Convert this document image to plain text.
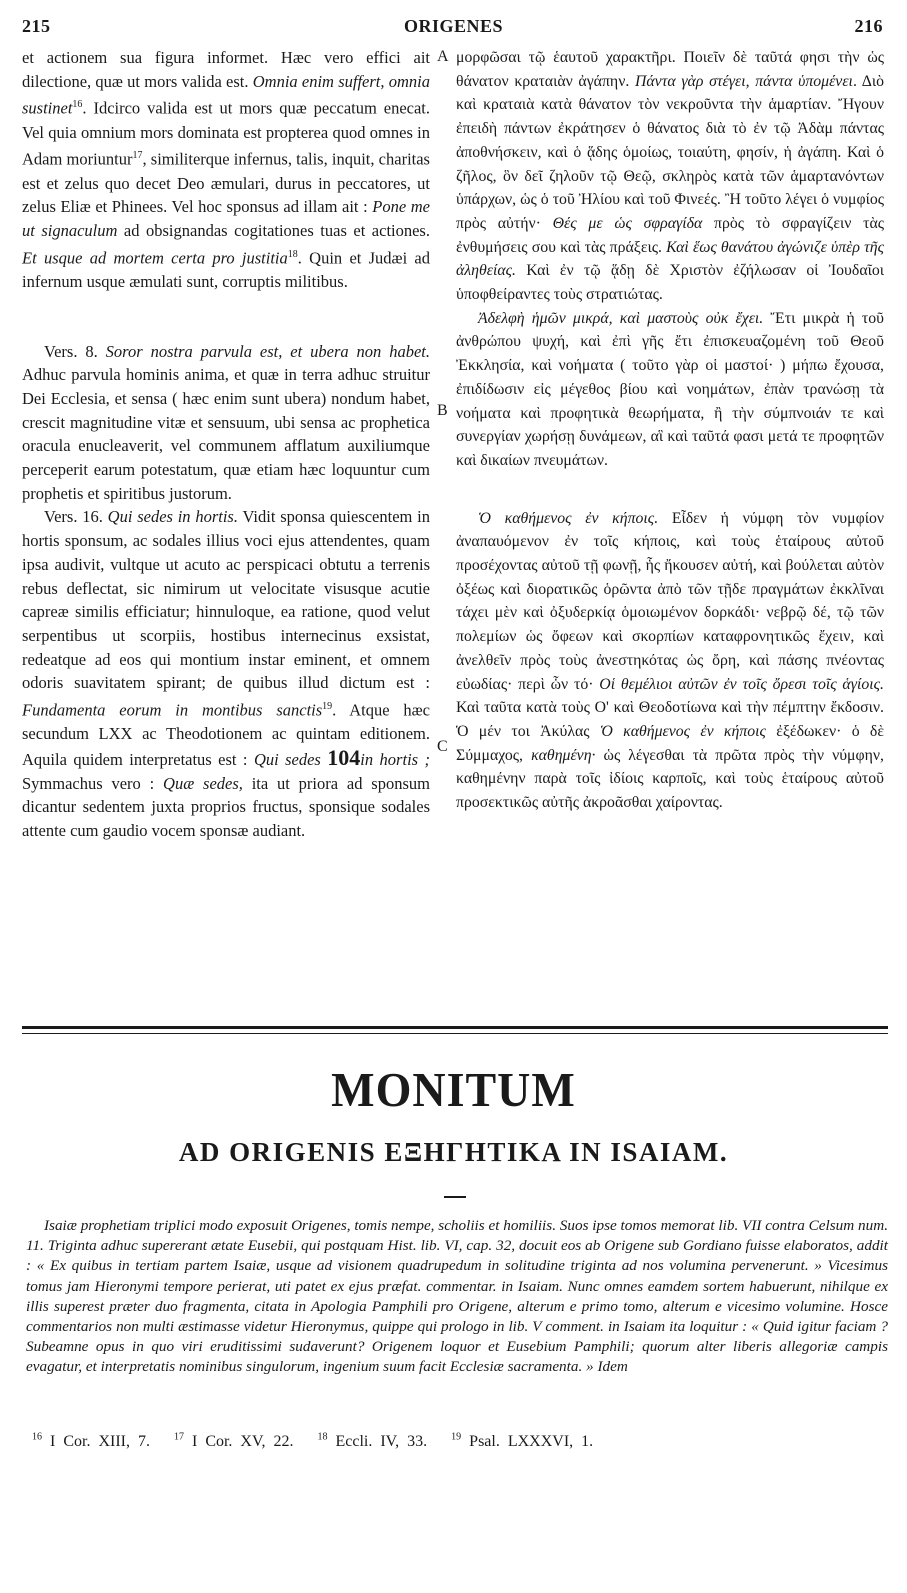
215	ORIGENES	216
A
B
C

et actionem sua figura informet. Hæc vero effici ait dilectione, quæ ut mors valida est. Omnia enim suffert, omnia sustinet$^{16}$. Idcirco valida est ut mors quæ peccatum enecat. Vel quia omnium mors dominata est propterea quod omnes in Adam moriuntur$^{17}$, similiterque infernus, talis, inquit, charitas est et zelus quo decet Deo æmulari, durus in peccatores, ut zelus Eliæ et Phinees. Vel hoc sponsus ad illam ait : Pone me ut signaculum ad obsignandas cogitationes tuas et actiones. Et usque ad mortem certa pro justitia$^{18}$. Quin et Judæi ad infernum usque æmulati sunt, corruptis militibus.

Vers. 8. Soror nostra parvula est, et ubera non habet. Adhuc parvula hominis anima, et quæ in terra adhuc struitur Dei Ecclesia, et sensa ( hæc enim sunt ubera) nondum habet, crescit magnitudine vitæ et sensuum, ubi sensa ac prophetica oracula enucleaverit, vel communem afflatum auxiliumque perceperit earum potestatum, quæ etiam hæc loquuntur cum prophetis et spiritibus justorum.

Vers. 16. Qui sedes in hortis. Vidit sponsa quiescentem in hortis sponsum, ac sodales illius voci ejus attendentes, quam ipsa audivit, vultque ut acuto ac perspicaci obtutu a terrenis rebus deflectat, sic nimirum ut velocitate visusque acutie capreæ similis efficiatur; hinnuloque, ea ratione, quod velut serpentibus ut scorpiis, hostibus internecinus exsistat, redeatque ad eos qui montium instar eminent, et omnem odoris suavitatem spirant; de quibus illud dictum est : Fundamenta eorum in montibus sanctis$^{19}$. Atque hæc secundum LXX ac Theodotionem ac quintam editionem. Aquila quidem interpretatus est : Qui sedes 104in hortis ; Symmachus vero : Quæ sedes, ita ut priora ad sponsum dicantur sedentem juxta proprios fructus, sponsique sodales attente cum gaudio vocem sponsæ audiant.

μορφῶσαι τῷ ἑαυτοῦ χαρακτῆρι. Ποιεῖν δὲ ταῦτά φησι τὴν ὡς θάνατον κραταιὰν ἀγάπην. Πάντα γὰρ στέγει, πάντα ὑπομένει. Διὸ καὶ κραταιὰ κατὰ θάνατον τὸν νεκροῦντα τὴν ἁμαρτίαν. Ἤγουν ἐπειδὴ πάντων ἐκράτησεν ὁ θάνατος διὰ τὸ ἐν τῷ Ἀδὰμ πάντας ἀποθνήσκειν, καὶ ὁ ᾅδης ὁμοίως, τοιαύτη, φησίν, ἡ ἀγάπη. Καὶ ὁ ζῆλος, ὃν δεῖ ζηλοῦν τῷ Θεῷ, σκληρὸς κατὰ τῶν ἁμαρτανόντων ὑπάρχων, ὡς ὁ τοῦ Ἠλίου καὶ τοῦ Φινεές. Ἢ τοῦτο λέγει ὁ νυμφίος πρὸς αὐτήν· Θές με ὡς σφραγίδα πρὸς τὸ σφραγίζειν τὰς ἐνθυμήσεις σου καὶ τὰς πράξεις. Καὶ ἕως θανάτου ἀγώνιζε ὑπὲρ τῆς ἀληθείας. Καὶ ἐν τῷ ᾅδῃ δὲ Χριστὸν ἐζήλωσαν οἱ Ἰουδαῖοι ὑποφθείραντες τοὺς στρατιώτας.

Ἀδελφὴ ἡμῶν μικρά, καὶ μαστοὺς οὐκ ἔχει. Ἔτι μικρὰ ἡ τοῦ ἀνθρώπου ψυχή, καὶ ἐπὶ γῆς ἔτι ἐπισκευαζομένη τοῦ Θεοῦ Ἐκκλησία, καὶ νοήματα ( τοῦτο γὰρ οἱ μαστοί· ) μήπω ἔχουσα, ἐπιδίδωσιν εἰς μέγεθος βίου καὶ νοημάτων, ἐπὰν τρανώσῃ τὰ νοήματα καὶ προφητικὰ θεωρήματα, ἢ τὴν σύμπνοιάν τε καὶ συνεργίαν χωρήσῃ δυνάμεων, αἳ καὶ ταῦτά φασι μετά τε προφητῶν καὶ δικαίων πνευμάτων.

Ὁ καθήμενος ἐν κήποις. Εἶδεν ἡ νύμφη τὸν νυμφίον ἀναπαυόμενον ἐν τοῖς κήποις, καὶ τοὺς ἑταίρους αὐτοῦ προσέχοντας αὐτοῦ τῇ φωνῇ, ἧς ἤκουσεν αὐτή, καὶ βούλεται αὐτὸν ὀξέως καὶ διορατικῶς ὁρῶντα ἀπὸ τῶν τῇδε πραγμάτων ἐκκλῖναι τάχει μὲν καὶ ὀξυδερκίᾳ ὁμοιωμένον δορκάδι· νεβρῷ δέ, τῷ τῶν πολεμίων ὡς ὄφεων καὶ σκορπίων καταφρονητικῶς ἔχειν, καὶ ἀνελθεῖν πρὸς τοὺς ἀνεστηκότας ὡς ὄρη, καὶ πάσης πνέοντας εὐωδίας· περὶ ὧν τό· Οἱ θεμέλιοι αὐτῶν ἐν τοῖς ὄρεσι τοῖς ἁγίοις. Καὶ ταῦτα κατὰ τοὺς Ο' καὶ Θεοδοτίωνα καὶ τὴν πέμπτην ἔκδοσιν. Ὁ μέν τοι Ἀκύλας Ὁ καθήμενος ἐν κήποις ἐξέδωκεν· ὁ δὲ Σύμμαχος, καθημένη· ὡς λέγεσθαι τὰ πρῶτα πρὸς τὴν νύμφην, καθημένην παρὰ τοῖς ἰδίοις καρποῖς, καὶ τοὺς ἑταίρους αὐτοῦ προσεκτικῶς αὐτῆς ἀκροᾶσθαι χαίροντας.

MONITUM
AD ORIGENIS ΕΞΗΓΗΤΙΚΑ IN ISAIAM.
Isaiæ prophetiam triplici modo exposuit Origenes, tomis nempe, scholiis et homiliis. Suos ipse tomos memorat lib. VII contra Celsum num. 11. Triginta adhuc supererant ætate Eusebii, qui postquam Hist. lib. VI, cap. 32, docuit eos ab Origene sub Gordiano fuisse elaboratos, addit : « Ex quibus in tertiam partem Isaiæ, usque ad visionem quadrupedum in solitudine triginta ad nos volumina pervenerunt. » Vicesimus tomus jam Hieronymi tempore perierat, uti patet ex ejus præfat. commentar. in Isaiam. Nunc omnes eamdem sortem habuerunt, nihilque ex illis superest præter duo fragmenta, citata in Apologia Pamphili pro Origene, alterum e primo tomo, alterum e vicesimo volumine. Hosce commentarios non multi æstimasse videtur Hieronymus, quippe qui prologo in lib. V comment. in Isaiam ita loquitur : « Quid igitur faciam ? Subeamne opus in quo viri eruditissimi sudaverunt? Origenem loquor et Eusebium Pamphili; quorum alter liberis allegoriæ campis evagatur, et interpretatis nominibus singulorum, ingenium suum facit Ecclesiæ sacramenta. » Idem
$^{16}$ I Cor. XIII, 7. $^{17}$ I Cor. XV, 22. $^{18}$ Eccli. IV, 33. $^{19}$ Psal. LXXXVI, 1.
